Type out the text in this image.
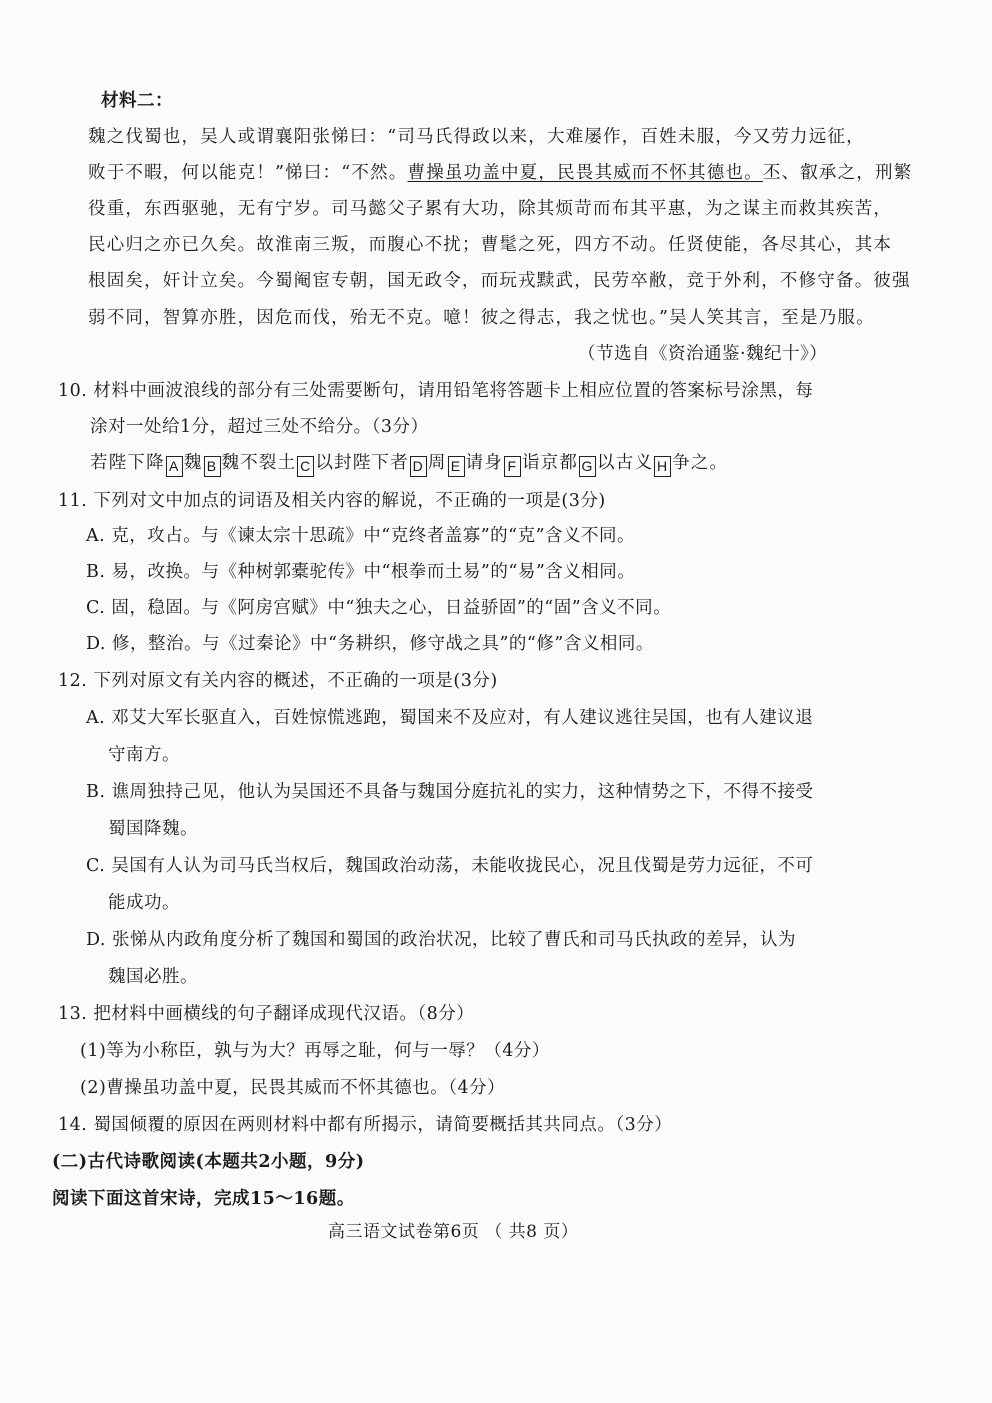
材料二：
魏之伐蜀也，吴人或谓襄阳张悌曰：“司马氏得政以来，大难屡作，百姓未服，今又劳力远征，
败于不暇，何以能克！”悌曰：“不然。曹操虽功盖中夏，民畏其威而不怀其德也。丕、叡承之，刑繁
役重，东西驱驰，无有宁岁。司马懿父子累有大功，除其烦苛而布其平惠，为之谋主而救其疾苦，
民心归之亦已久矣。故淮南三叛，而腹心不扰；曹髦之死，四方不动。任贤使能，各尽其心，其本
根固矣，奸计立矣。今蜀阉宦专朝，国无政令，而玩戎黩武，民劳卒敝，竞于外利，不修守备。彼强
弱不同，智算亦胜，因危而伐，殆无不克。噫！彼之得志，我之忧也。”吴人笑其言，至是乃服。
（节选自《资治通鉴·魏纪十》）
10. 材料中画波浪线的部分有三处需要断句，请用铅笔将答题卡上相应位置的答案标号涂黑，每
涂对一处给1分，超过三处不给分。（3分）
若陛下降 A 魏 B 魏不裂土 C 以封陛下者 D 周 E 请身 F 诣京都 G 以古义 H 争之。
11. 下列对文中加点的词语及相关内容的解说，不正确的一项是(3分)
A. 克，攻占。与《谏太宗十思疏》中“克终者盖寡”的“克”含义不同。
B. 易，改换。与《种树郭橐驼传》中“根拳而土易”的“易”含义相同。
C. 固，稳固。与《阿房宫赋》中“独夫之心，日益骄固”的“固”含义不同。
D. 修，整治。与《过秦论》中“务耕织，修守战之具”的“修”含义相同。
12. 下列对原文有关内容的概述，不正确的一项是(3分)
A. 邓艾大军长驱直入，百姓惊慌逃跑，蜀国来不及应对，有人建议逃往吴国，也有人建议退
守南方。
B. 谯周独持己见，他认为吴国还不具备与魏国分庭抗礼的实力，这种情势之下，不得不接受
蜀国降魏。
C. 吴国有人认为司马氏当权后，魏国政治动荡，未能收拢民心，况且伐蜀是劳力远征，不可
能成功。
D. 张悌从内政角度分析了魏国和蜀国的政治状况，比较了曹氏和司马氏执政的差异，认为
魏国必胜。
13. 把材料中画横线的句子翻译成现代汉语。（8分）
(1)等为小称臣，孰与为大？再辱之耻，何与一辱？（4分）
(2)曹操虽功盖中夏，民畏其威而不怀其德也。（4分）
14. 蜀国倾覆的原因在两则材料中都有所揭示，请简要概括其共同点。（3分）
(二)古代诗歌阅读(本题共2小题，9分)
阅读下面这首宋诗，完成15～16题。
高三语文试卷第6页 （ 共8 页）
